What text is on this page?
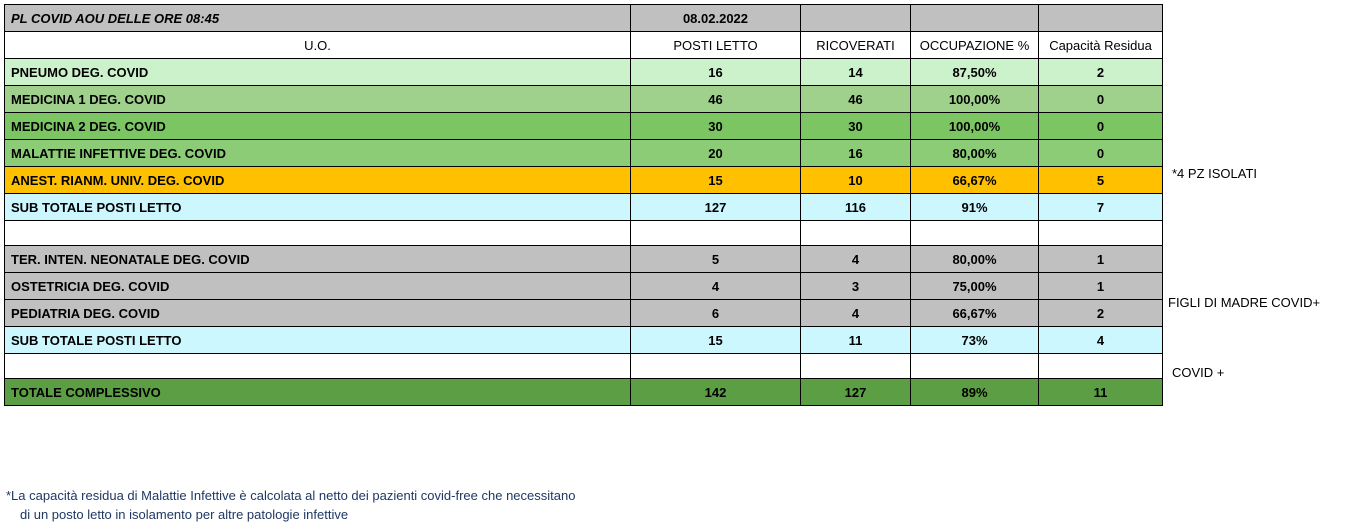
PL COVID AOU DELLE ORE 08:45	08.02.2022			
U.O.	POSTI LETTO	RICOVERATI	OCCUPAZIONE %	Capacità Residua
PNEUMO DEG. COVID	16	14	87,50%	2
MEDICINA 1 DEG. COVID	46	46	100,00%	0
MEDICINA 2 DEG. COVID	30	30	100,00%	0
MALATTIE INFETTIVE DEG. COVID	20	16	80,00%	0
ANEST. RIANM. UNIV. DEG. COVID	15	10	66,67%	5
SUB TOTALE POSTI LETTO	127	116	91%	7

TER. INTEN. NEONATALE DEG. COVID	5	4	80,00%	1
OSTETRICIA DEG. COVID	4	3	75,00%	1
PEDIATRIA DEG. COVID	6	4	66,67%	2
SUB TOTALE POSTI LETTO	15	11	73%	4

TOTALE COMPLESSIVO	142	127	89%	11
*4 PZ ISOLATI
FIGLI DI MADRE COVID+
COVID +
*La capacità residua di Malattie Infettive è calcolata al netto dei pazienti covid-free che necessitano
di un posto letto in isolamento per altre patologie infettive
